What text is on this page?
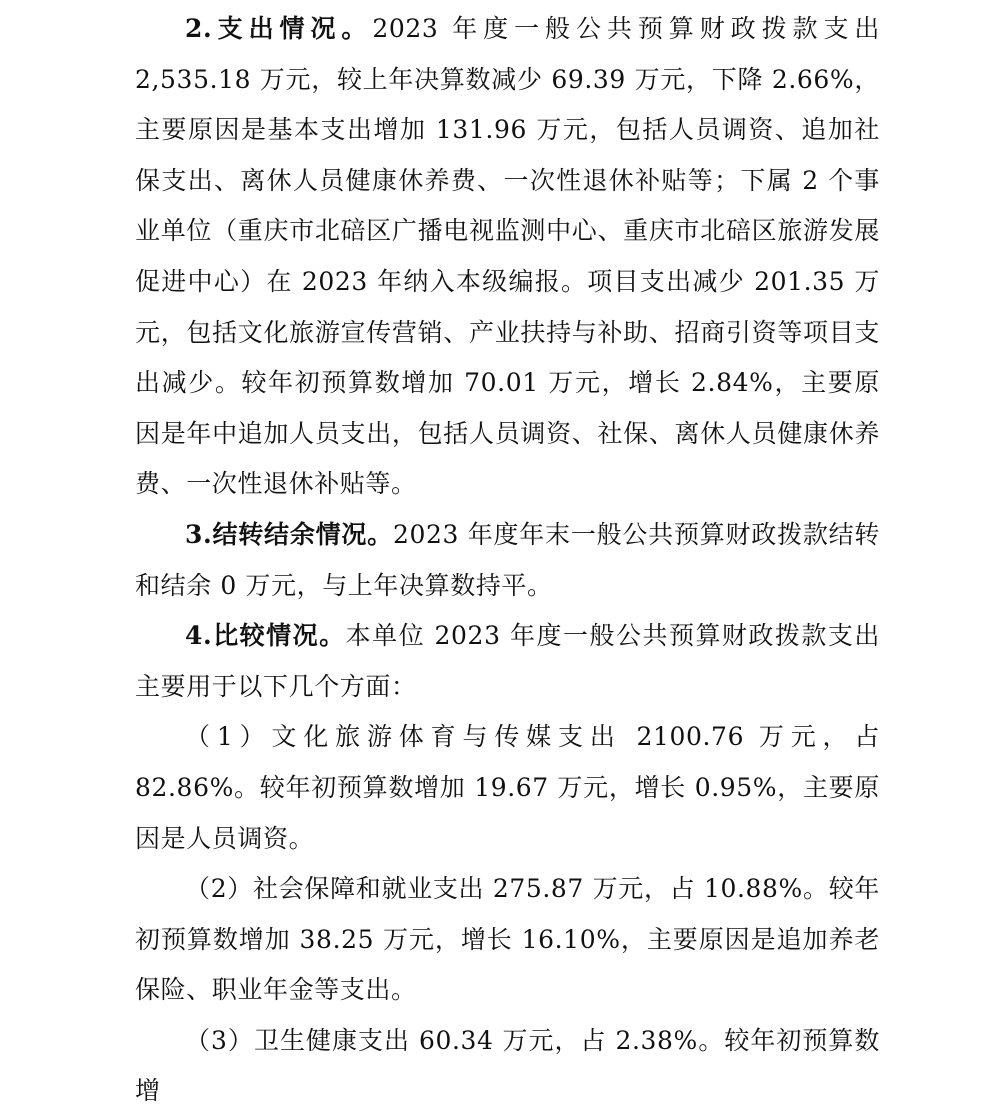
2.支出情况。2023 年度一般公共预算财政拨款支出 2,535.18 万元，较上年决算数减少 69.39 万元，下降 2.66%，主要原因是基本支出增加 131.96 万元，包括人员调资、追加社保支出、离休人员健康休养费、一次性退休补贴等；下属 2 个事业单位（重庆市北碚区广播电视监测中心、重庆市北碚区旅游发展促进中心）在 2023 年纳入本级编报。项目支出减少 201.35 万元，包括文化旅游宣传营销、产业扶持与补助、招商引资等项目支出减少。较年初预算数增加 70.01 万元，增长 2.84%，主要原因是年中追加人员支出，包括人员调资、社保、离休人员健康休养费、一次性退休补贴等。

3.结转结余情况。2023 年度年末一般公共预算财政拨款结转和结余 0 万元，与上年决算数持平。

4.比较情况。本单位 2023 年度一般公共预算财政拨款支出主要用于以下几个方面：

（1）文化旅游体育与传媒支出 2100.76 万元，占 82.86%。较年初预算数增加 19.67 万元，增长 0.95%，主要原因是人员调资。

（2）社会保障和就业支出 275.87 万元，占 10.88%。较年初预算数增加 38.25 万元，增长 16.10%，主要原因是追加养老保险、职业年金等支出。

（3）卫生健康支出 60.34 万元，占 2.38%。较年初预算数增
